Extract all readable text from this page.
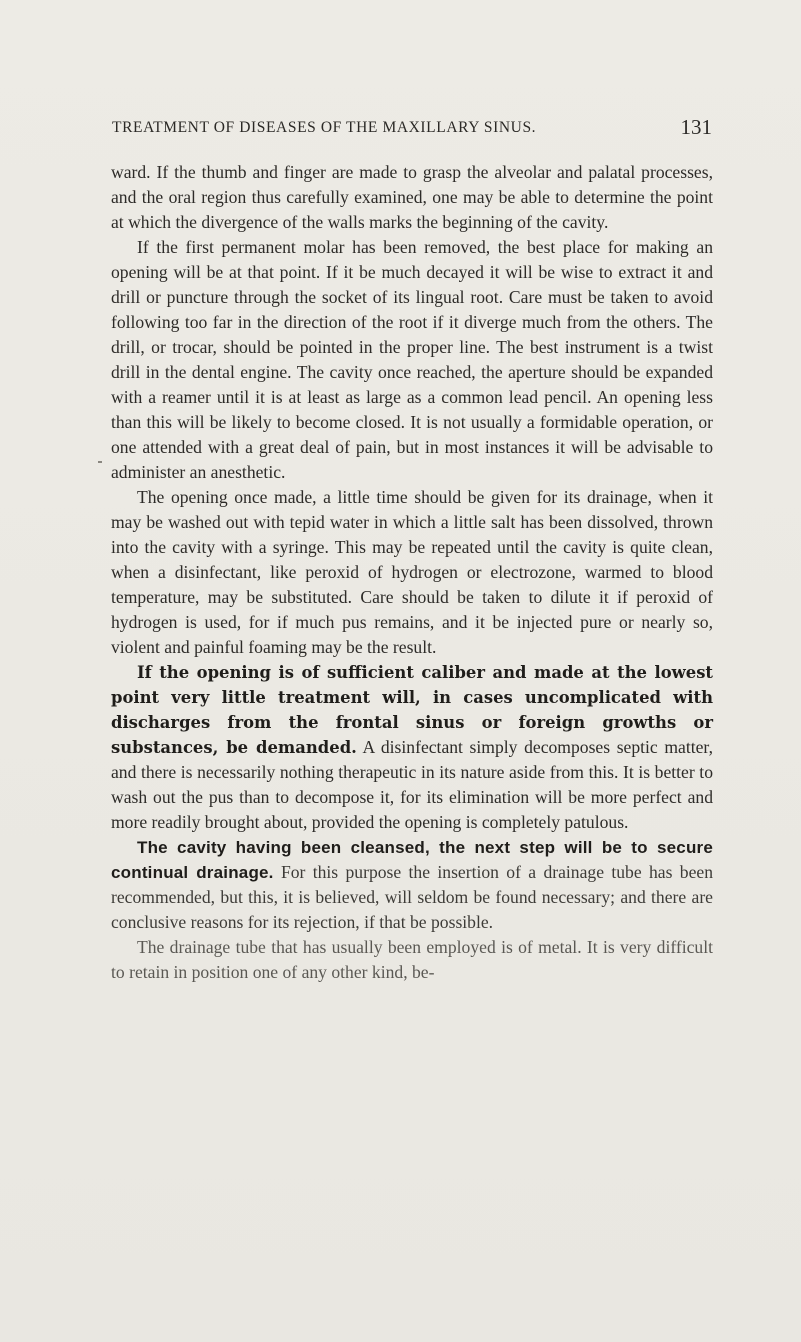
TREATMENT OF DISEASES OF THE MAXILLARY SINUS.	131

ward. If the thumb and finger are made to grasp the alveolar and palatal processes, and the oral region thus carefully examined, one may be able to determine the point at which the divergence of the walls marks the beginning of the cavity.

If the first permanent molar has been removed, the best place for making an opening will be at that point. If it be much decayed it will be wise to extract it and drill or puncture through the socket of its lingual root. Care must be taken to avoid following too far in the direction of the root if it diverge much from the others. The drill, or trocar, should be pointed in the proper line. The best instrument is a twist drill in the dental engine. The cavity once reached, the aperture should be expanded with a reamer until it is at least as large as a common lead pencil. An opening less than this will be likely to become closed. It is not usually a formidable operation, or one attended with a great deal of pain, but in most instances it will be advisable to administer an anesthetic.

The opening once made, a little time should be given for its drainage, when it may be washed out with tepid water in which a little salt has been dissolved, thrown into the cavity with a syringe. This may be repeated until the cavity is quite clean, when a disinfectant, like peroxid of hydrogen or electrozone, warmed to blood temperature, may be substituted. Care should be taken to dilute it if peroxid of hydrogen is used, for if much pus remains, and it be injected pure or nearly so, violent and painful foaming may be the result.

If the opening is of sufficient caliber and made at the lowest point very little treatment will, in cases uncomplicated with discharges from the frontal sinus or foreign growths or substances, be demanded. A disinfectant simply decomposes septic matter, and there is necessarily nothing therapeutic in its nature aside from this. It is better to wash out the pus than to decompose it, for its elimination will be more perfect and more readily brought about, provided the opening is completely patulous.

The cavity having been cleansed, the next step will be to secure continual drainage. For this purpose the insertion of a drainage tube has been recommended, but this, it is believed, will seldom be found necessary; and there are conclusive reasons for its rejection, if that be possible.

The drainage tube that has usually been employed is of metal. It is very difficult to retain in position one of any other kind, be-
